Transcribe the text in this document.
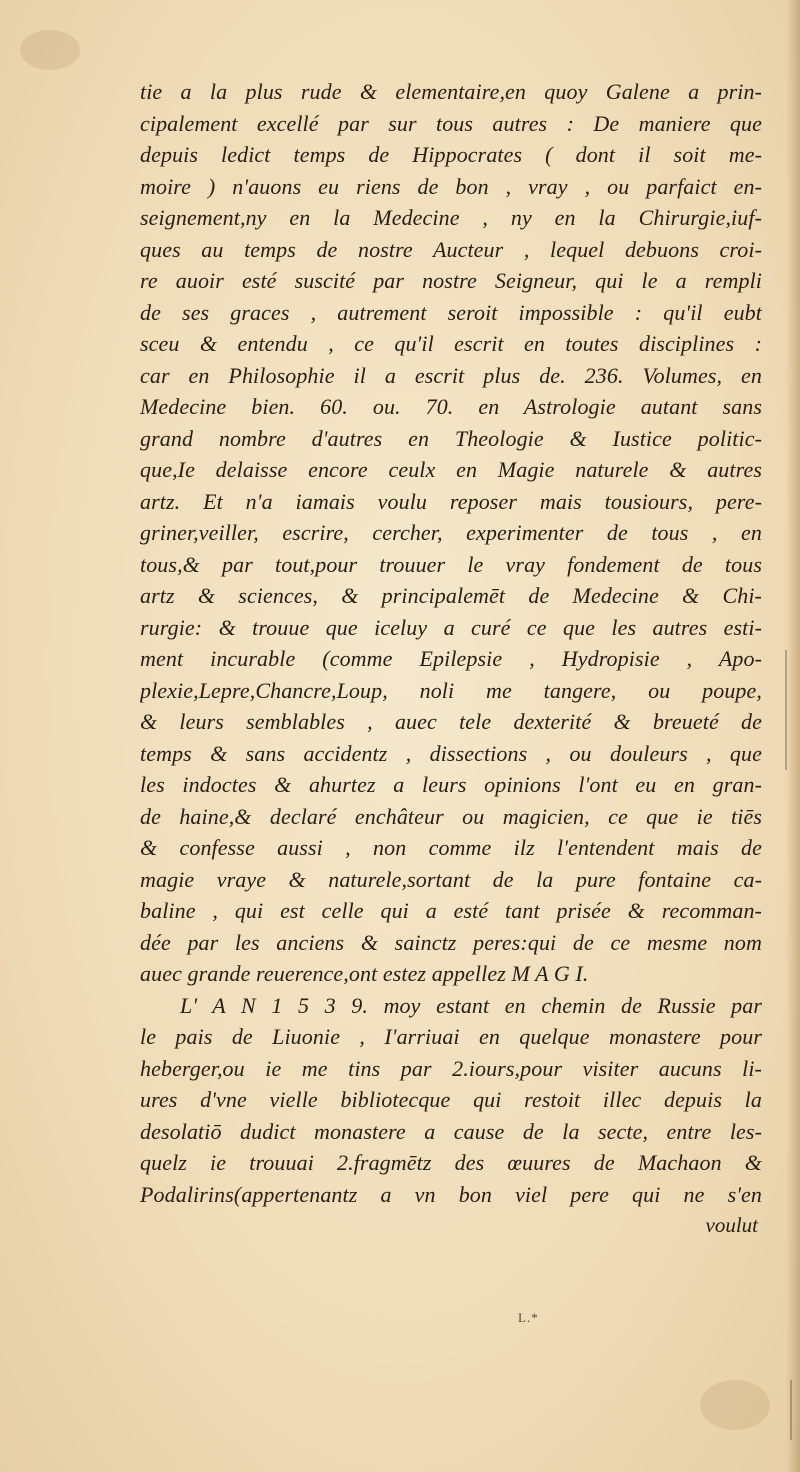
tie a la plus rude & elementaire,en quoy Galene a prin-
cipalement excellé par sur tous autres : De maniere que
depuis ledict temps de Hippocrates ( dont il soit me-
moire ) n'auons eu riens de bon , vray , ou parfaict en-
seignement,ny en la Medecine , ny en la Chirurgie,iuf-
ques au temps de nostre Aucteur , lequel debuons croi-
re auoir esté suscité par nostre Seigneur, qui le a rempli
de ses graces , autrement seroit impossible : qu'il eubt
sceu & entendu , ce qu'il escrit en toutes disciplines :
car en Philosophie il a escrit plus de. 236. Volumes, en
Medecine bien. 60. ou. 70. en Astrologie autant sans
grand nombre d'autres en Theologie & Iustice politic-
que,Ie delaisse encore ceulx en Magie naturele & autres
artz. Et n'a iamais voulu reposer mais tousiours, pere-
griner,veiller, escrire, cercher, experimenter de tous , en
tous,& par tout,pour trouuer le vray fondement de tous
artz & sciences, & principalemēt de Medecine & Chi-
rurgie: & trouue que iceluy a curé ce que les autres esti-
ment incurable (comme Epilepsie , Hydropisie , Apo-
plexie,Lepre,Chancre,Loup, noli me tangere, ou poupe,
& leurs semblables , auec tele dexterité & breueté de
temps & sans accidentz , dissections , ou douleurs , que
les indoctes & ahurtez a leurs opinions l'ont eu en gran-
de haine,& declaré enchâteur ou magicien, ce que ie tiēs
& confesse aussi , non comme ilz l'entendent mais de
magie vraye & naturele,sortant de la pure fontaine ca-
baline , qui est celle qui a esté tant prisée & recomman-
dée par les anciens & sainctz peres:qui de ce mesme nom
auec grande reuerence,ont estez appellez M A G I.
L' A N 1 5 3 9. moy estant en chemin de Russie par
le pais de Liuonie , I'arriuai en quelque monastere pour
heberger,ou ie me tins par 2.iours,pour visiter aucuns li-
ures d'vne vielle bibliotecque qui restoit illec depuis la
desolatiō dudict monastere a cause de la secte, entre les-
quelz ie trouuai 2.fragmētz des œuures de Machaon &
Podalirins(appertenantz a vn bon viel pere qui ne s'en
voulut
L.*
